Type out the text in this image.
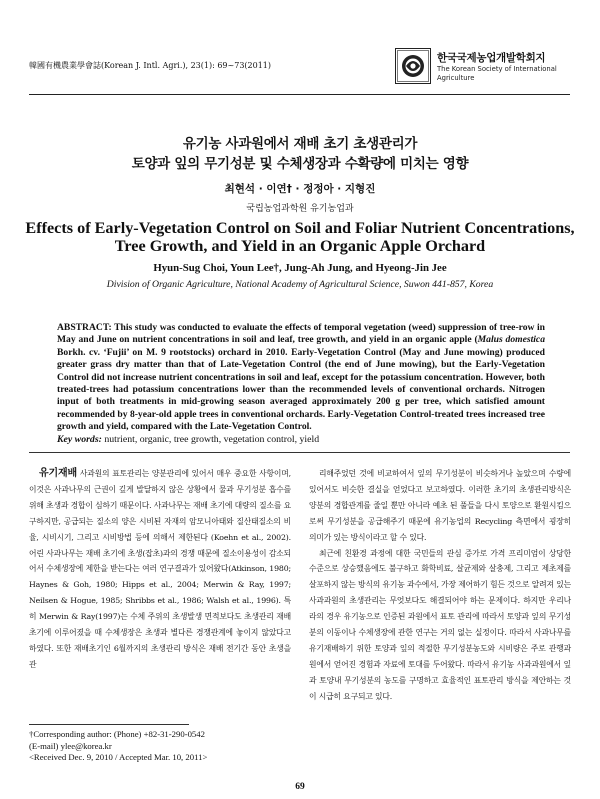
韓國有機農業學會誌(Korean J. Intl. Agri.), 23(1): 69~73(2011)
한국국제농업개발학회지
The Korean Society of International
Agriculture
유기농 사과원에서 재배 초기 초생관리가
토양과 잎의 무기성분 및 수체생장과 수확량에 미치는 영향
최현석 · 이연† · 정정아 · 지형진
국립농업과학원 유기농업과
Effects of Early-Vegetation Control on Soil and Foliar Nutrient Concentrations,
Tree Growth, and Yield in an Organic Apple Orchard
Hyun-Sug Choi, Youn Lee†, Jung-Ah Jung, and Hyeong-Jin Jee
Division of Organic Agriculture, National Academy of Agricultural Science, Suwon 441-857, Korea
ABSTRACT: This study was conducted to evaluate the effects of temporal vegetation (weed) suppression of tree-row in May and June on nutrient concentrations in soil and leaf, tree growth, and yield in an organic apple (Malus domestica Borkh. cv. ‘Fujii’ on M. 9 rootstocks) orchard in 2010. Early-Vegetation Control (May and June mowing) produced greater grass dry matter than that of Late-Vegetation Control (the end of June mowing), but the Early-Vegetation Control did not increase nutrient concentrations in soil and leaf, except for the potassium concentration. However, both treated-trees had potassium concentrations lower than the recommended levels of conventional orchards. Nitrogen input of both treatments in mid-growing season averaged approximately 200 g per tree, which satisfied amount recommended by 8-year-old apple trees in conventional orchards. Early-Vegetation Control-treated trees increased tree growth and yield, compared with the Late-Vegetation Control.
Key words: nutrient, organic, tree growth, vegetation control, yield

유기재배 사과원의 표토관리는 양분관리에 있어서 매우 중요한 사항이며, 이것은 사과나무의 근권이 깊게 발달하지 않은 상황에서 물과 무기성분 흡수를 위해 초생과 경합이 심하기 때문이다. 사과나무는 재배 초기에 대량의 질소를 요구하지만, 공급되는 질소의 양은 시비된 자재의 암모니아태와 질산태질소의 비율, 시비시기, 그리고 시비방법 등에 의해서 제한된다 (Koehn et al., 2002). 어린 사과나무는 재배 초기에 초생(잡초)과의 경쟁 때문에 질소이용성이 감소되어서 수체생장에 제한을 받는다는 여러 연구결과가 있어왔다(Atkinson, 1980; Haynes & Goh, 1980; Hipps et al., 2004; Merwin & Ray, 1997; Neilsen & Hogue, 1985; Shribbs et al., 1986; Walsh et al., 1996). 특히 Merwin & Ray(1997)는 수체 주위의 초생발생 면적보다도 초생관리 재배초기에 이루어졌을 때 수체생장은 초생과 별다른 경쟁관계에 놓이지 않았다고 하였다. 또한 재배초기인 6월까지의 초생관리 방식은 재배 전기간 동안 초생을 관

리해주었던 것에 비교하여서 잎의 무기성분이 비슷하거나 높았으며 수량에 있어서도 비슷한 결실을 얻었다고 보고하였다. 이러한 초기의 초생관리방식은 양분의 경합관계를 줄일 뿐만 아니라 예초 된 풀들을 다시 토양으로 환원시킴으로써 무기성분을 공급해주기 때문에 유기농업의 Recycling 측면에서 굉장히 의미가 있는 방식이라고 할 수 있다.

최근에 친환경 과정에 대한 국민들의 관심 증가로 가격 프리미엄이 상당한 수준으로 상승했음에도 불구하고 화학비료, 살균제와 살충제, 그리고 제초제를 살포하지 않는 방식의 유기농 과수에서, 가장 제어하기 힘든 것으로 알려져 있는 사과과원의 초생관리는 무엇보다도 해결되어야 하는 문제이다. 하지만 우리나라의 경우 유기농으로 인증된 과원에서 표토 관리에 따라서 토양과 잎의 무기성분의 이동이나 수체생장에 관한 연구는 거의 없는 실정이다. 따라서 사과나무를 유기재배하기 위한 토양과 잎의 적절한 무기성분농도와 시비량은 주로 관행과원에서 얻어진 경험과 자료에 토대를 두어왔다. 따라서 유기농 사과과원에서 잎과 토양내 무기성분의 농도를 구명하고 효율적인 표토관리 방식을 제안하는 것이 시급히 요구되고 있다.

†Corresponding author: (Phone) +82-31-290-0542
(E-mail) ylee@korea.kr
<Received Dec. 9, 2010 / Accepted Mar. 10, 2011>
69
